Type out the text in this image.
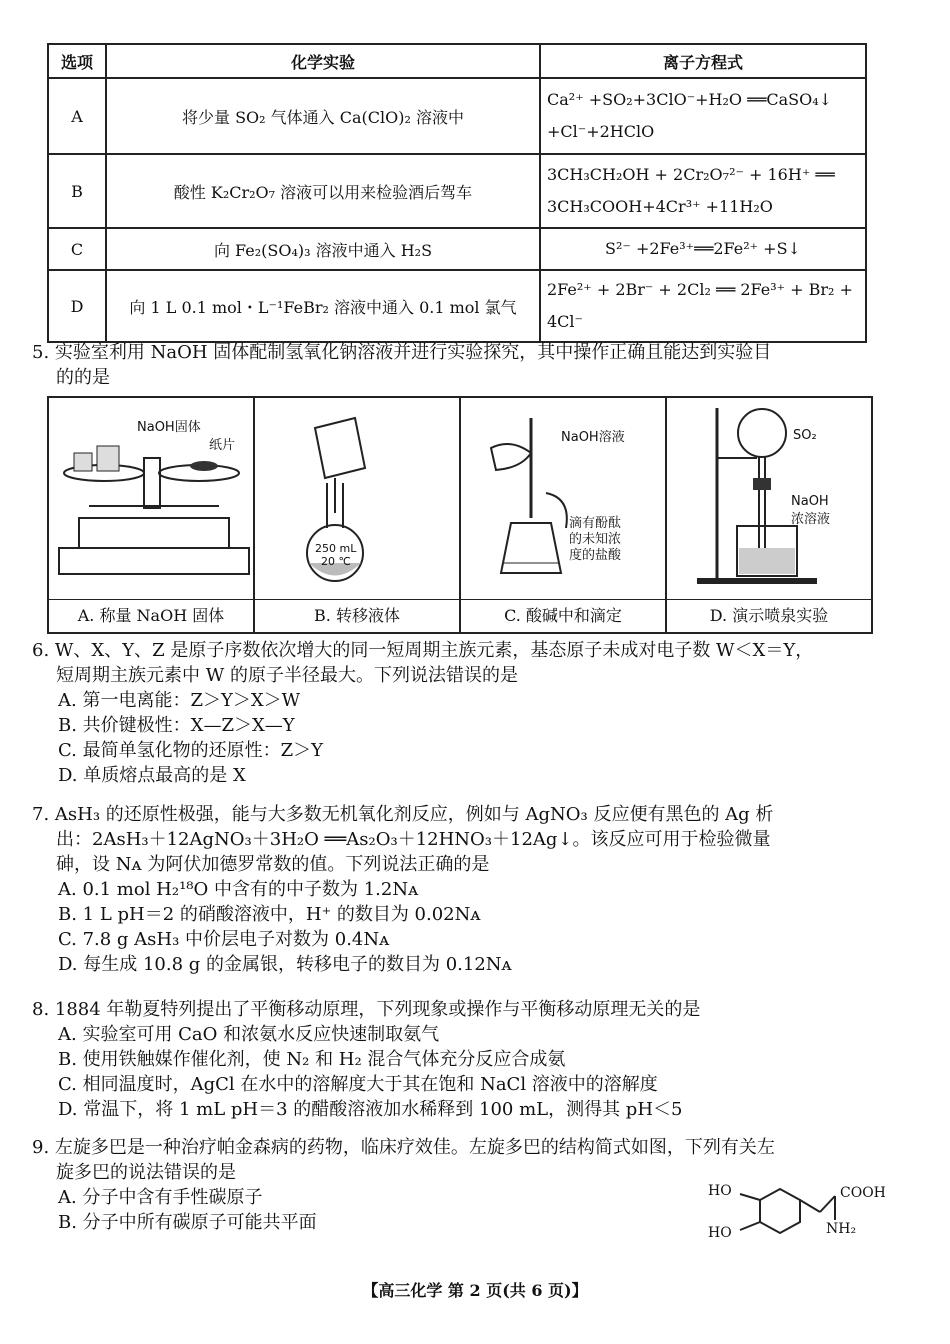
选项	化学实验	离子方程式
A	将少量 SO₂ 气体通入 Ca(ClO)₂ 溶液中	Ca²⁺ +SO₂+3ClO⁻+H₂O ══CaSO₄↓
+Cl⁻+2HClO

B	酸性 K₂Cr₂O₇ 溶液可以用来检验酒后驾车	3CH₃CH₂OH + 2Cr₂O₇²⁻ + 16H⁺ ══
3CH₃COOH+4Cr³⁺ +11H₂O

C	向 Fe₂(SO₄)₃ 溶液中通入 H₂S	S²⁻ +2Fe³⁺══2Fe²⁺ +S↓

D	向 1 L 0.1 mol・L⁻¹FeBr₂ 溶液中通入 0.1 mol 氯气	2Fe²⁺ + 2Br⁻ + 2Cl₂ ══ 2Fe³⁺ + Br₂ +
4Cl⁻
5. 实验室利用 NaOH 固体配制氢氧化钠溶液并进行实验探究，其中操作正确且能达到实验目
的的是
NaOH固体
纸片
A. 称量 NaOH 固体
250 mL
20 ℃
B. 转移液体
NaOH溶液
滴有酚酞
的未知浓
度的盐酸
C. 酸碱中和滴定
SO₂
NaOH
浓溶液
D. 演示喷泉实验
6. W、X、Y、Z 是原子序数依次增大的同一短周期主族元素，基态原子未成对电子数 W＜X＝Y，
短周期主族元素中 W 的原子半径最大。下列说法错误的是
A. 第一电离能：Z＞Y＞X＞W
B. 共价键极性：X—Z＞X—Y
C. 最简单氢化物的还原性：Z＞Y
D. 单质熔点最高的是 X
7. AsH₃ 的还原性极强，能与大多数无机氧化剂反应，例如与 AgNO₃ 反应便有黑色的 Ag 析
出：2AsH₃＋12AgNO₃＋3H₂O ══As₂O₃＋12HNO₃＋12Ag↓。该反应可用于检验微量
砷，设 Nᴀ 为阿伏加德罗常数的值。下列说法正确的是
A. 0.1 mol H₂¹⁸O 中含有的中子数为 1.2Nᴀ
B. 1 L pH＝2 的硝酸溶液中，H⁺ 的数目为 0.02Nᴀ
C. 7.8 g AsH₃ 中价层电子对数为 0.4Nᴀ
D. 每生成 10.8 g 的金属银，转移电子的数目为 0.12Nᴀ
8. 1884 年勒夏特列提出了平衡移动原理，下列现象或操作与平衡移动原理无关的是
A. 实验室可用 CaO 和浓氨水反应快速制取氨气
B. 使用铁触媒作催化剂，使 N₂ 和 H₂ 混合气体充分反应合成氨
C. 相同温度时，AgCl 在水中的溶解度大于其在饱和 NaCl 溶液中的溶解度
D. 常温下，将 1 mL pH＝3 的醋酸溶液加水稀释到 100 mL，测得其 pH＜5
9. 左旋多巴是一种治疗帕金森病的药物，临床疗效佳。左旋多巴的结构简式如图，下列有关左
旋多巴的说法错误的是
A. 分子中含有手性碳原子
B. 分子中所有碳原子可能共平面
HO
HO
COOH
NH₂
【高三化学 第 2 页(共 6 页)】
